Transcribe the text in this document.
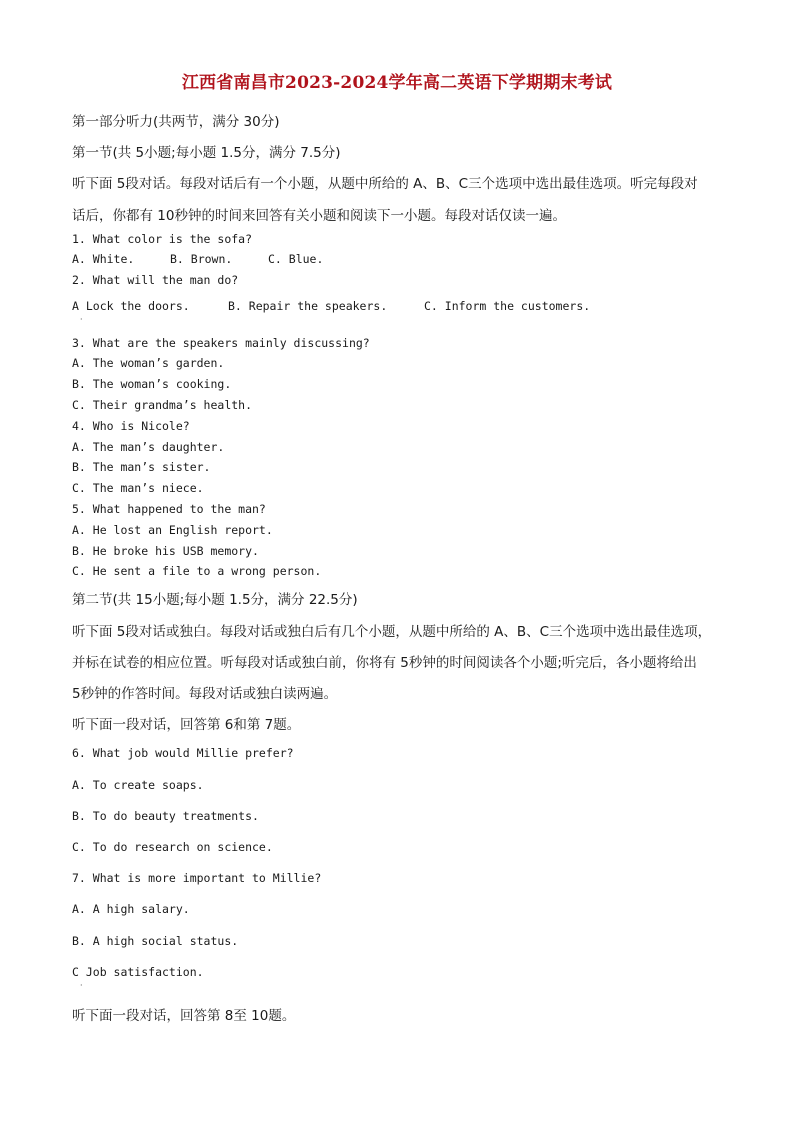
江西省南昌市2023-2024学年高二英语下学期期末考试
第一部分听力(共两节，满分 30分)
第一节(共 5小题;每小题 1.5分，满分 7.5分)
听下面 5段对话。每段对话后有一个小题，从题中所给的 A、B、C三个选项中选出最佳选项。听完每段对
话后，你都有 10秒钟的时间来回答有关小题和阅读下一小题。每段对话仅读一遍。
1. What color is the sofa?
A. White.	B. Brown.	C. Blue.
2. What will the man do?
A Lock the doors.	B. Repair the speakers.	C. Inform the customers.
·
3. What are the speakers mainly discussing?
A. The woman’s garden.
B. The woman’s cooking.
C. Their grandma’s health.
4. Who is Nicole?
A. The man’s daughter.
B. The man’s sister.
C. The man’s niece.
5. What happened to the man?
A. He lost an English report.
B. He broke his USB memory.
C. He sent a file to a wrong person.
第二节(共 15小题;每小题 1.5分，满分 22.5分)
听下面 5段对话或独白。每段对话或独白后有几个小题，从题中所给的 A、B、C三个选项中选出最佳选项，
并标在试卷的相应位置。听每段对话或独白前，你将有 5秒钟的时间阅读各个小题;听完后，各小题将给出
5秒钟的作答时间。每段对话或独白读两遍。
听下面一段对话，回答第 6和第 7题。
6. What job would Millie prefer?
A. To create soaps.
B. To do beauty treatments.
C. To do research on science.
7. What is more important to Millie?
A. A high salary.
B. A high social status.
C Job satisfaction.
·
听下面一段对话，回答第 8至 10题。
